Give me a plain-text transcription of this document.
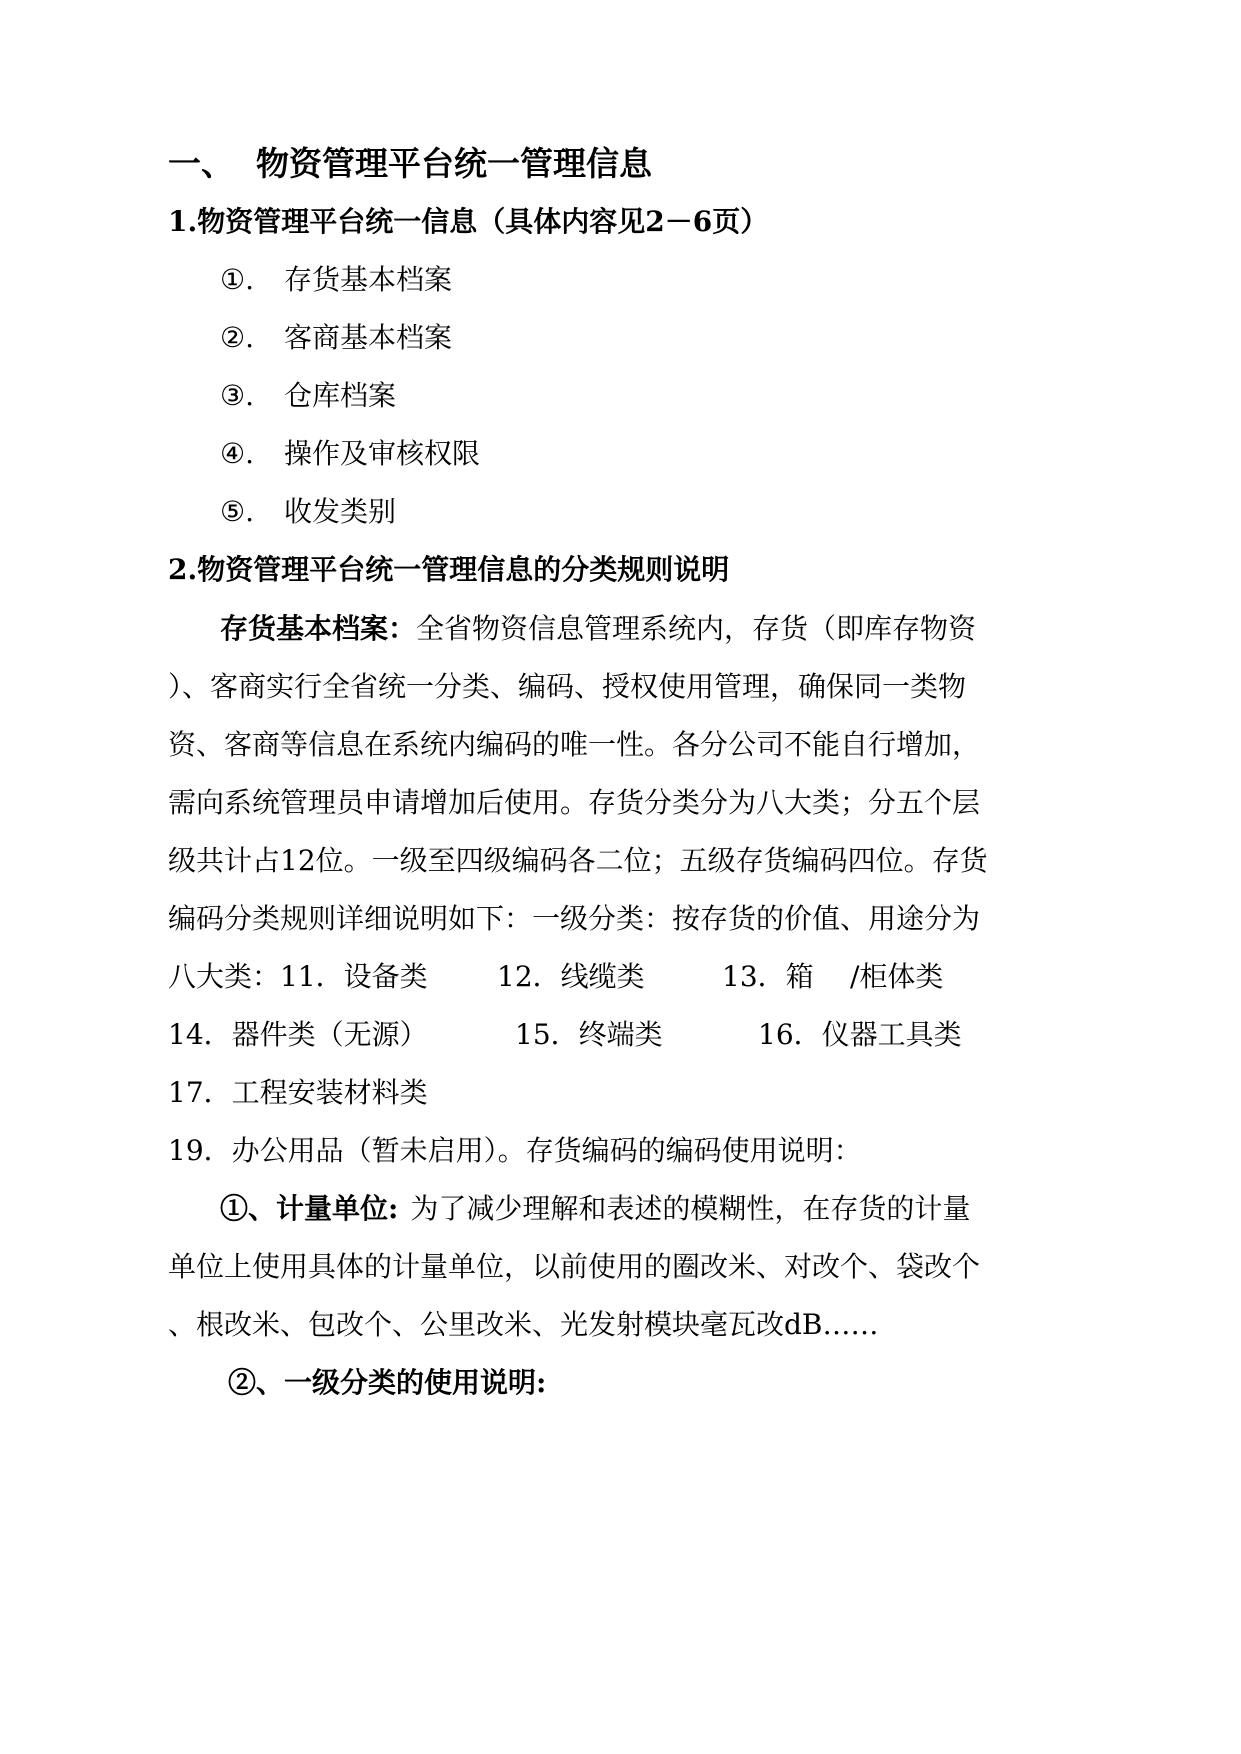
一、 物资管理平台统一管理信息
1.物资管理平台统一信息（具体内容见2－6页）
①. 存货基本档案
②. 客商基本档案
③. 仓库档案
④. 操作及审核权限
⑤. 收发类别
2.物资管理平台统一管理信息的分类规则说明
存货基本档案：全省物资信息管理系统内，存货（即库存物资
）、客商实行全省统一分类、编码、授权使用管理，确保同一类物
资、客商等信息在系统内编码的唯一性。各分公司不能自行增加，
需向系统管理员申请增加后使用。存货分类分为八大类；分五个层
级共计占12位。一级至四级编码各二位；五级存货编码四位。存货
编码分类规则详细说明如下：一级分类：按存货的价值、用途分为
八大类：11．设备类 12．线缆类	13．箱 /柜体类
14．器件类（无源）	15．终端类	16．仪器工具类
17．工程安装材料类
19．办公用品（暂未启用）。存货编码的编码使用说明：
①、计量单位: 为了减少理解和表述的模糊性，在存货的计量
单位上使用具体的计量单位，以前使用的圈改米、对改个、袋改个
、根改米、包改个、公里改米、光发射模块毫瓦改dB……
②、一级分类的使用说明:
